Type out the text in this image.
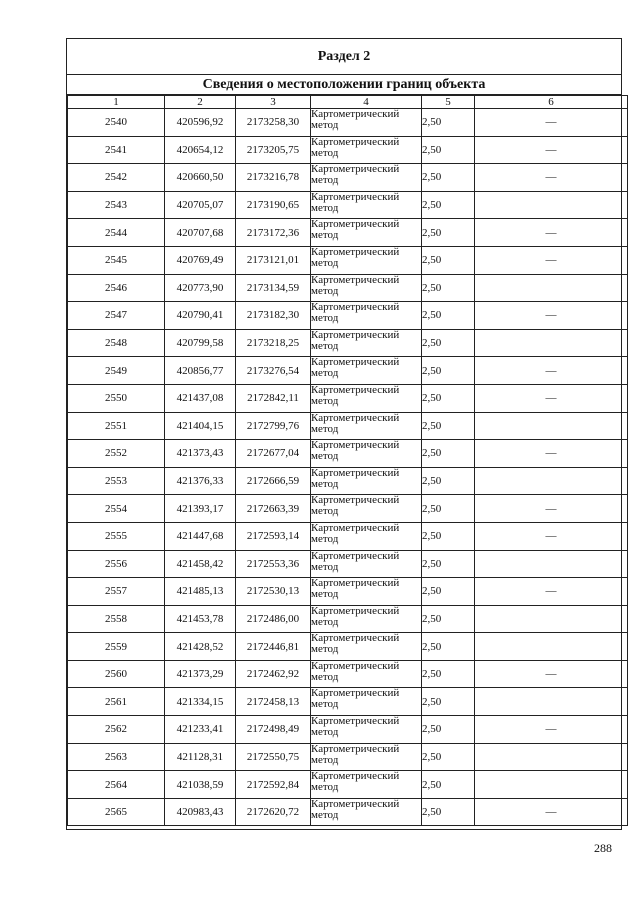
Раздел 2
Сведения о местоположении границ объекта
1	2	3	4	5	6
2540	420596,92	2173258,30	Картометрический метод	2,50	—
2541	420654,12	2173205,75	Картометрический метод	2,50	—
2542	420660,50	2173216,78	Картометрический метод	2,50	—
2543	420705,07	2173190,65	Картометрический метод	2,50	
2544	420707,68	2173172,36	Картометрический метод	2,50	—
2545	420769,49	2173121,01	Картометрический метод	2,50	—
2546	420773,90	2173134,59	Картометрический метод	2,50	
2547	420790,41	2173182,30	Картометрический метод	2,50	—
2548	420799,58	2173218,25	Картометрический метод	2,50	
2549	420856,77	2173276,54	Картометрический метод	2,50	—
2550	421437,08	2172842,11	Картометрический метод	2,50	—
2551	421404,15	2172799,76	Картометрический метод	2,50	
2552	421373,43	2172677,04	Картометрический метод	2,50	—
2553	421376,33	2172666,59	Картометрический метод	2,50	
2554	421393,17	2172663,39	Картометрический метод	2,50	—
2555	421447,68	2172593,14	Картометрический метод	2,50	—
2556	421458,42	2172553,36	Картометрический метод	2,50	
2557	421485,13	2172530,13	Картометрический метод	2,50	—
2558	421453,78	2172486,00	Картометрический метод	2,50	
2559	421428,52	2172446,81	Картометрический метод	2,50	
2560	421373,29	2172462,92	Картометрический метод	2,50	—
2561	421334,15	2172458,13	Картометрический метод	2,50	
2562	421233,41	2172498,49	Картометрический метод	2,50	—
2563	421128,31	2172550,75	Картометрический метод	2,50	
2564	421038,59	2172592,84	Картометрический метод	2,50	
2565	420983,43	2172620,72	Картометрический метод	2,50	—
288
